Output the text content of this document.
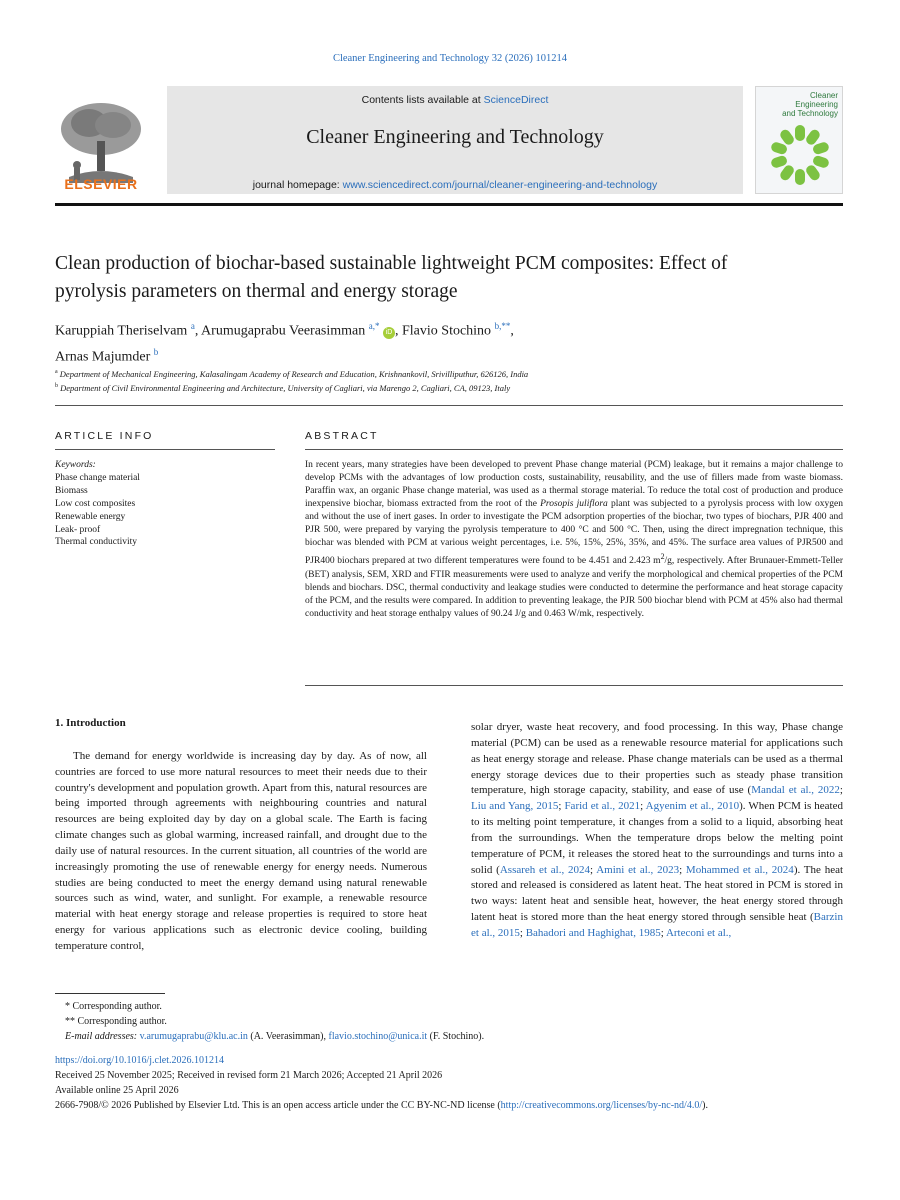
Cleaner Engineering and Technology 32 (2026) 101214
ELSEVIER
Contents lists available at ScienceDirect
Cleaner Engineering and Technology
journal homepage: www.sciencedirect.com/journal/cleaner-engineering-and-technology
Cleaner
Engineering
and Technology
Clean production of biochar-based sustainable lightweight PCM composites: Effect of pyrolysis parameters on thermal and energy storage
Karuppiah Theriselvam $^a$, Arumugaprabu Veerasimman $^{a,*}$ iD , Flavio Stochino $^{b,**}$,
Arnas Majumder $^b$
$^a$ Department of Mechanical Engineering, Kalasalingam Academy of Research and Education, Krishnankovil, Srivilliputhur, 626126, India
$^b$ Department of Civil Environmental Engineering and Architecture, University of Cagliari, via Marengo 2, Cagliari, CA, 09123, Italy
ARTICLE INFO	ABSTRACT
Keywords:
Phase change material
Biomass
Low cost composites
Renewable energy
Leak- proof
Thermal conductivity
In recent years, many strategies have been developed to prevent Phase change material (PCM) leakage, but it remains a major challenge to develop PCMs with the advantages of low production costs, sustainability, reusability, and the use of fillers made from waste biomass. Paraffin wax, an organic Phase change material, was used as a thermal storage material. To reduce the total cost of production and produce inexpensive biochar, biomass extracted from the root of the Prosopis juliflora plant was subjected to a pyrolysis process with low oxygen and without the use of inert gases. In order to investigate the PCM adsorption properties of the biochar, two types of biochars, PJR 400 and PJR 500, were prepared by varying the pyrolysis temperature to 400 °C and 500 °C. Then, using the direct impregnation technique, this biochar was blended with PCM at various weight percentages, i.e. 5%, 15%, 25%, 35%, and 45%. The surface area values of PJR500 and PJR400 biochars prepared at two different temperatures were found to be 4.451 and 2.423 $m^2/g$, respectively. After Brunauer-Emmett-Teller (BET) analysis, SEM, XRD and FTIR measurements were used to analyze and verify the morphological and chemical properties of the PCM blends and biochars. DSC, thermal conductivity and leakage studies were conducted to determine the performance and heat storage capacity of the PCM, and the results were compared. In addition to preventing leakage, the PJR 500 biochar blend with PCM at 45% also had thermal conductivity and heat storage enthalpy values of 90.24 J/g and 0.463 W/mk, respectively.
1. Introduction

The demand for energy worldwide is increasing day by day. As of now, all countries are forced to use more natural resources to meet their needs due to their country's development and population growth. Apart from this, natural resources are being imported through agreements with neighbouring countries and natural resources are being exploited day by day on a global scale. The Earth is facing climate changes such as global warming, increased rainfall, and drought due to the daily use of natural resources. In the current situation, all countries of the world are increasingly promoting the use of renewable energy for energy needs. Numerous studies are being conducted to meet the energy demand using natural renewable sources such as wind, water, and sunlight. For example, a renewable resource material with heat energy storage and release properties is required to store heat energy for various applications such as electronic device cooling, building temperature control,

solar dryer, waste heat recovery, and food processing. In this way, Phase change material (PCM) can be used as a renewable resource material for applications such as heat energy storage and release. Phase change materials can be used as a thermal energy storage devices due to their properties such as steady phase transition temperature, high storage capacity, stability, and ease of use (Mandal et al., 2022; Liu and Yang, 2015; Farid et al., 2021; Agyenim et al., 2010). When PCM is heated to its melting point temperature, it changes from a solid to a liquid, absorbing heat from the surroundings. When the temperature drops below the melting point temperature of PCM, it releases the stored heat to the surroundings and turns into a solid (Assareh et al., 2024; Amini et al., 2023; Mohammed et al., 2024). The heat stored and released is considered as latent heat. The heat stored in PCM is stored in two ways: latent heat and sensible heat, however, the heat energy stored through latent heat is stored more than the heat energy stored through sensible heat (Barzin et al., 2015; Bahadori and Haghighat, 1985; Arteconi et al.,
* Corresponding author.
** Corresponding author.
E-mail addresses: v.arumugaprabu@klu.ac.in (A. Veerasimman), flavio.stochino@unica.it (F. Stochino).
https://doi.org/10.1016/j.clet.2026.101214
Received 25 November 2025; Received in revised form 21 March 2026; Accepted 21 April 2026
Available online 25 April 2026
2666-7908/© 2026 Published by Elsevier Ltd. This is an open access article under the CC BY-NC-ND license (http://creativecommons.org/licenses/by-nc-nd/4.0/).
